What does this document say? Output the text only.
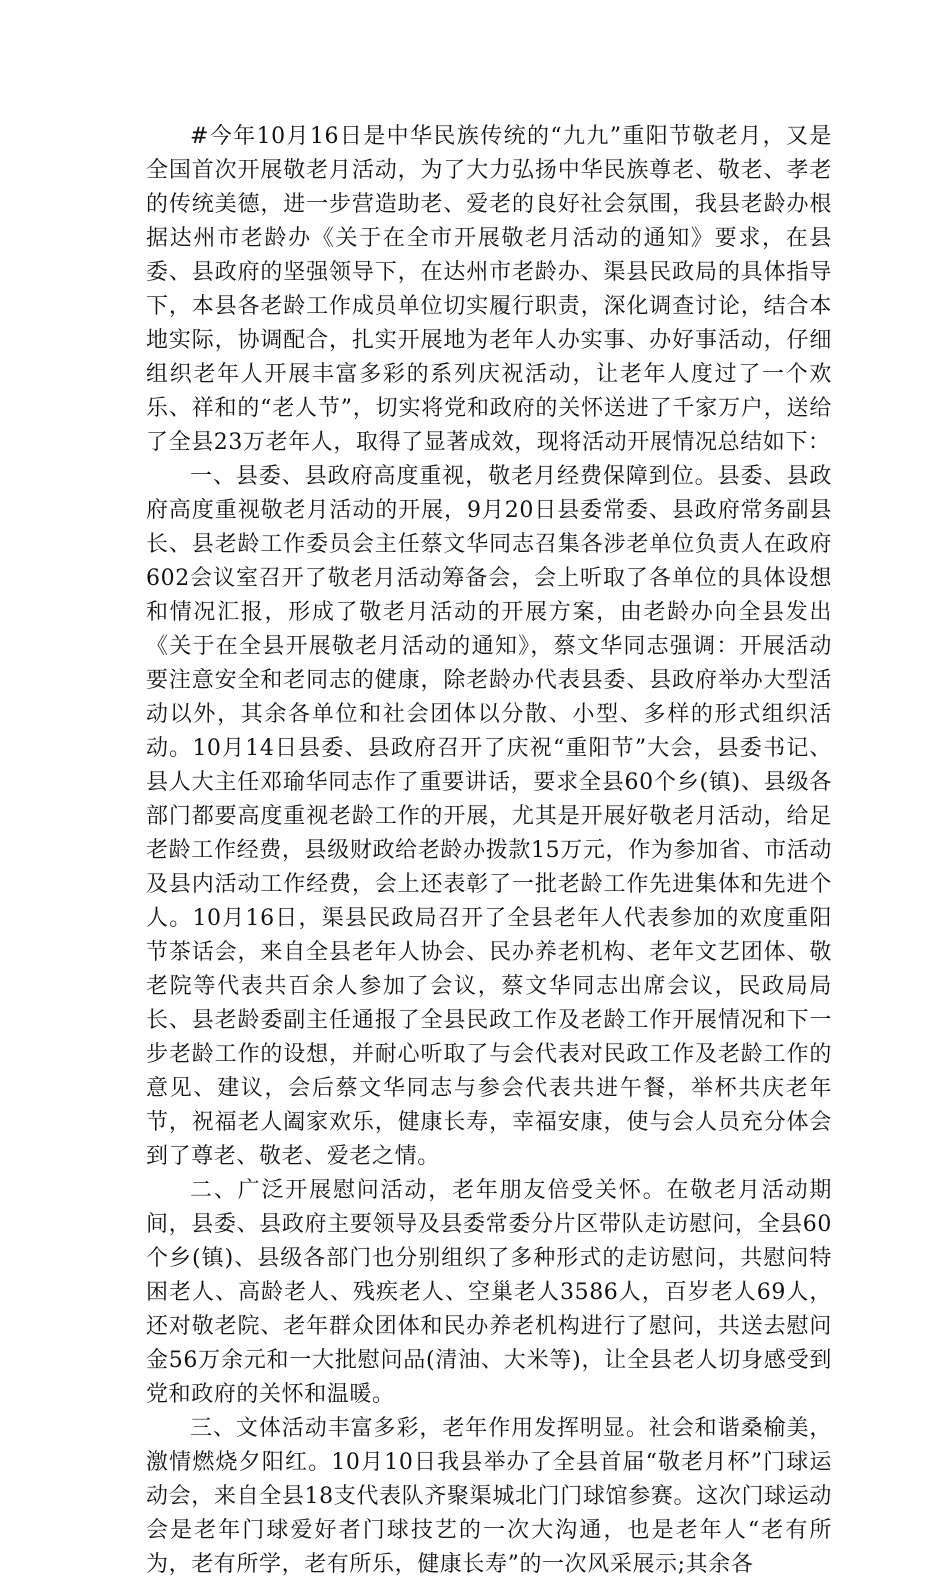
#今年10月16日是中华民族传统的“九九”重阳节敬老月，又是全国首次开展敬老月活动，为了大力弘扬中华民族尊老、敬老、孝老的传统美德，进一步营造助老、爱老的良好社会氛围，我县老龄办根据达州市老龄办《关于在全市开展敬老月活动的通知》要求，在县委、县政府的坚强领导下，在达州市老龄办、渠县民政局的具体指导下，本县各老龄工作成员单位切实履行职责，深化调查讨论，结合本地实际，协调配合，扎实开展地为老年人办实事、办好事活动，仔细组织老年人开展丰富多彩的系列庆祝活动，让老年人度过了一个欢乐、祥和的“老人节”，切实将党和政府的关怀送进了千家万户，送给了全县23万老年人，取得了显著成效，现将活动开展情况总结如下：

一、县委、县政府高度重视，敬老月经费保障到位。县委、县政府高度重视敬老月活动的开展，9月20日县委常委、县政府常务副县长、县老龄工作委员会主任蔡文华同志召集各涉老单位负责人在政府602会议室召开了敬老月活动筹备会，会上听取了各单位的具体设想和情况汇报，形成了敬老月活动的开展方案，由老龄办向全县发出《关于在全县开展敬老月活动的通知》，蔡文华同志强调：开展活动要注意安全和老同志的健康，除老龄办代表县委、县政府举办大型活动以外，其余各单位和社会团体以分散、小型、多样的形式组织活动。10月14日县委、县政府召开了庆祝“重阳节”大会，县委书记、县人大主任邓瑜华同志作了重要讲话，要求全县60个乡(镇)、县级各部门都要高度重视老龄工作的开展，尤其是开展好敬老月活动，给足老龄工作经费，县级财政给老龄办拨款15万元，作为参加省、市活动及县内活动工作经费，会上还表彰了一批老龄工作先进集体和先进个人。10月16日，渠县民政局召开了全县老年人代表参加的欢度重阳节茶话会，来自全县老年人协会、民办养老机构、老年文艺团体、敬老院等代表共百余人参加了会议，蔡文华同志出席会议，民政局局长、县老龄委副主任通报了全县民政工作及老龄工作开展情况和下一步老龄工作的设想，并耐心听取了与会代表对民政工作及老龄工作的意见、建议，会后蔡文华同志与参会代表共进午餐，举杯共庆老年节，祝福老人阖家欢乐，健康长寿，幸福安康，使与会人员充分体会到了尊老、敬老、爱老之情。

二、广泛开展慰问活动，老年朋友倍受关怀。在敬老月活动期间，县委、县政府主要领导及县委常委分片区带队走访慰问，全县60个乡(镇)、县级各部门也分别组织了多种形式的走访慰问，共慰问特困老人、高龄老人、残疾老人、空巢老人3586人，百岁老人69人，还对敬老院、老年群众团体和民办养老机构进行了慰问，共送去慰问金56万余元和一大批慰问品(清油、大米等)，让全县老人切身感受到党和政府的关怀和温暖。

三、文体活动丰富多彩，老年作用发挥明显。社会和谐桑榆美，激情燃烧夕阳红。10月10日我县举办了全县首届“敬老月杯”门球运动会，来自全县18支代表队齐聚渠城北门门球馆参赛。这次门球运动会是老年门球爱好者门球技艺的一次大沟通，也是老年人“老有所为，老有所学，老有所乐，健康长寿”的一次风采展示;其余各
